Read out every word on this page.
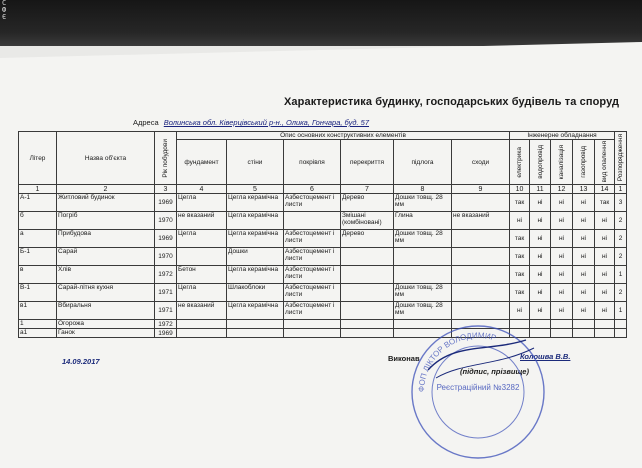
С
Ф
Є
Характеристика будинку, господарських будівель та споруд
Адреса Волинська обл. Ківерцівський р-н., Олика, Гончара, буд. 57
Літер	Назва об'єкта	Рік побудови	Опис основних конструктивних елементів						Інженерне обладнання					Розпорядження

			фундамент	стіни	покрівля	перекриття	підлога	сходи	електрика	водопровід	каналізація	газопровід	вид опалення	

1	2	3	4	5	6	7	8	9	10	11	12	13	14	1
А-1	Житловий будинок	1969	Цегла	Цегла керамічна	Азбестоцемент і листи	Дерево	Дошки товщ. 28 мм		так	ні	ні	ні	так	3
б	Погріб	1970	не вказаний	Цегла керамічна		Змішані (комбіновані)	Глина	не вказаний	ні	ні	ні	ні	ні	2
а	Прибудова	1969	Цегла	Цегла керамічна	Азбестоцемент і листи	Дерево	Дошки товщ. 28 мм		так	ні	ні	ні	ні	2
Б-1	Сарай	1970		Дошки	Азбестоцемент і листи				так	ні	ні	ні	ні	2
в	Хлів	1972	Бетон	Цегла керамічна	Азбестоцемент і листи				так	ні	ні	ні	ні	1
В-1	Сарай-літня кухня	1971	Цегла	Шлакоблоки	Азбестоцемент і листи		Дошки товщ. 28 мм		так	ні	ні	ні	ні	2
в1	Вбиральня	1971	не вказаний	Цегла керамічна	Азбестоцемент і листи		Дошки товщ. 28 мм		ні	ні	ні	ні	ні	1
1	Огорожа	1972												
а1	Ганок	1969												
14.09.2017	Виконав	Колошва В.В.
(підпис, прізвище)
ФОП ЛІКТОР ВОЛОДИМИР
Реєстраційний №3282
